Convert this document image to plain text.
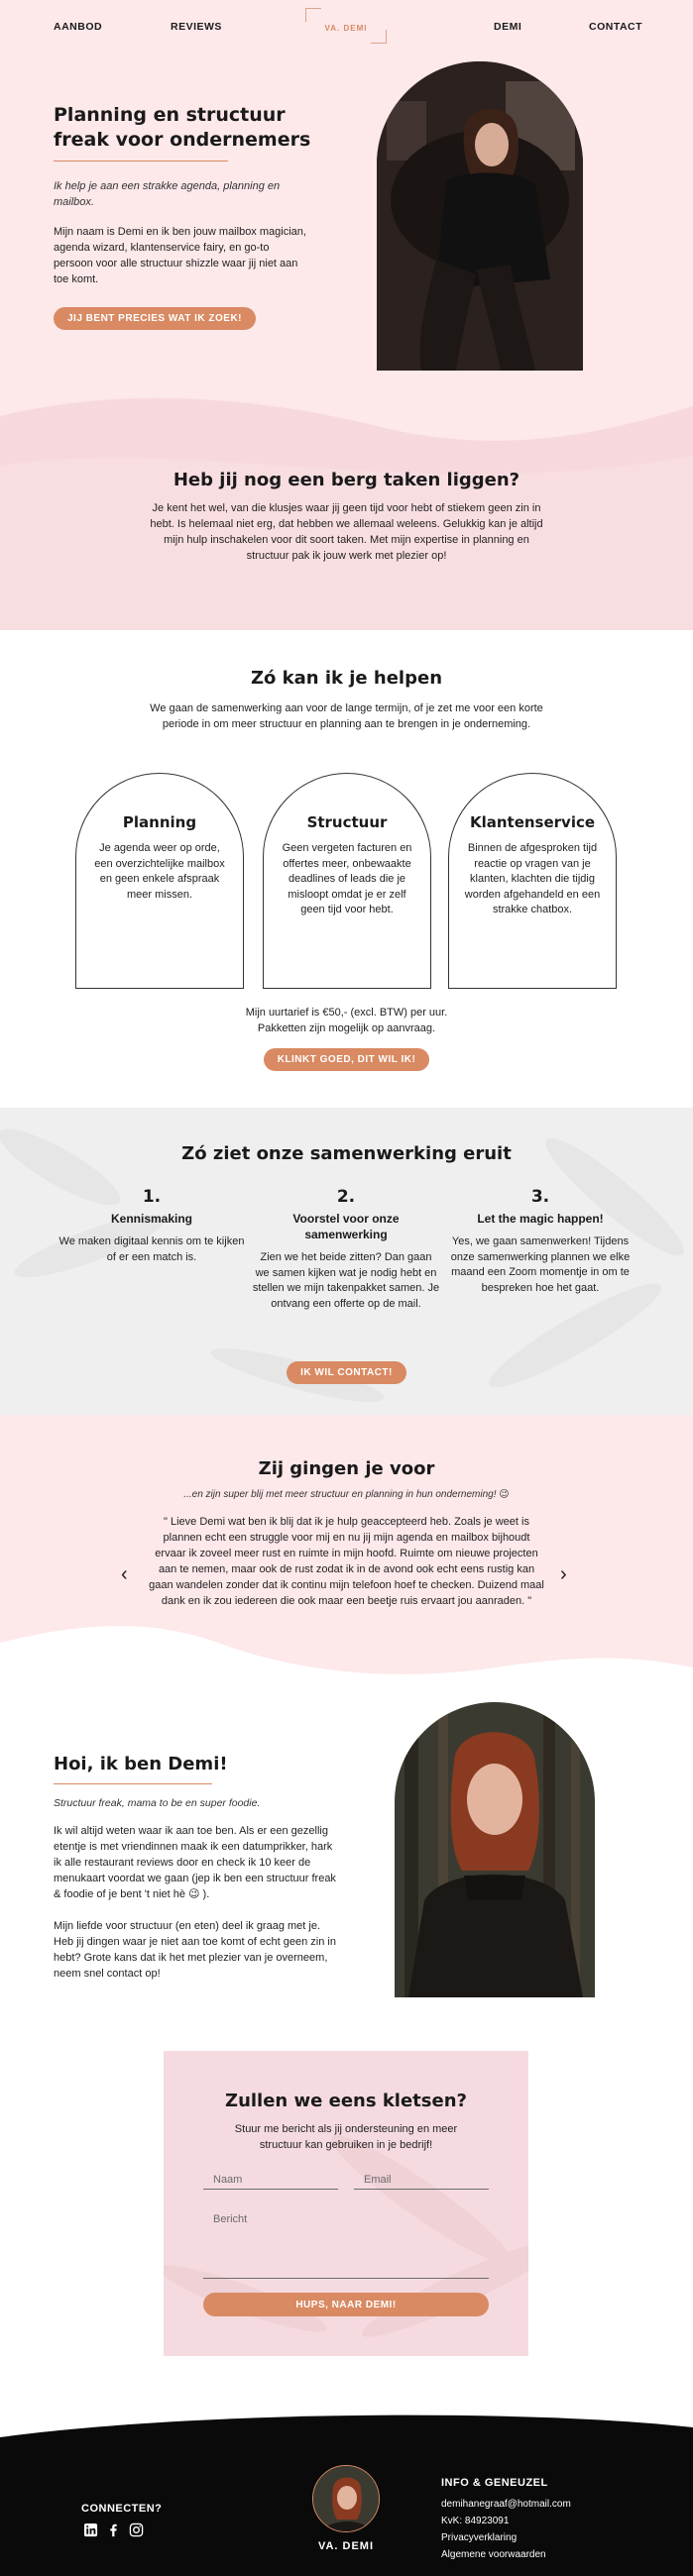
AANBOD	REVIEWS	VA. DEMI	DEMI	CONTACT
Planning en structuur freak voor ondernemers

Ik help je aan een strakke agenda, planning en mailbox.

Mijn naam is Demi en ik ben jouw mailbox magician, agenda wizard, klantenservice fairy, en go-to persoon voor alle structuur shizzle waar jij niet aan toe komt.

JIJ BENT PRECIES WAT IK ZOEK!
Heb jij nog een berg taken liggen?

Je kent het wel, van die klusjes waar jij geen tijd voor hebt of stiekem geen zin in hebt. Is helemaal niet erg, dat hebben we allemaal weleens. Gelukkig kan je altijd mijn hulp inschakelen voor dit soort taken. Met mijn expertise in planning en structuur pak ik jouw werk met plezier op!

Zó kan ik je helpen

We gaan de samenwerking aan voor de lange termijn, of je zet me voor een korte periode in om meer structuur en planning aan te brengen in je onderneming.

Planning

Je agenda weer op orde, een overzichtelijke mailbox en geen enkele afspraak meer missen.

Structuur

Geen vergeten facturen en offertes meer, onbewaakte deadlines of leads die je misloopt omdat je er zelf geen tijd voor hebt.

Klantenservice

Binnen de afgesproken tijd reactie op vragen van je klanten, klachten die tijdig worden afgehandeld en een strakke chatbox.

Mijn uurtarief is €50,- (excl. BTW) per uur.

Pakketten zijn mogelijk op aanvraag.

KLINKT GOED, DIT WIL IK!
Zó ziet onze samenwerking eruit
1.
Kennismaking
We maken digitaal kennis om te kijken of er een match is.
2.
Voorstel voor onze samenwerking
Zien we het beide zitten? Dan gaan we samen kijken wat je nodig hebt en stellen we mijn takenpakket samen. Je ontvang een offerte op de mail.
3.
Let the magic happen!
Yes, we gaan samenwerken! Tijdens onze samenwerking plannen we elke maand een Zoom momentje in om te bespreken hoe het gaat.
IK WIL CONTACT!
Zij gingen je voor

...en zijn super blij met meer structuur en planning in hun onderneming! 😉

" Lieve Demi wat ben ik blij dat ik je hulp geaccepteerd heb. Zoals je weet is plannen echt een struggle voor mij en nu jij mijn agenda en mailbox bijhoudt ervaar ik zoveel meer rust en ruimte in mijn hoofd. Ruimte om nieuwe projecten aan te nemen, maar ook de rust zodat ik in de avond ook echt eens rustig kan gaan wandelen zonder dat ik continu mijn telefoon hoef te checken. Duizend maal dank en ik zou iedereen die ook maar een beetje ruis ervaart jou aanraden. "

‹	›
Hoi, ik ben Demi!

Structuur freak, mama to be en super foodie.

Ik wil altijd weten waar ik aan toe ben. Als er een gezellig etentje is met vriendinnen maak ik een datumprikker, hark ik alle restaurant reviews door en check ik 10 keer de menukaart voordat we gaan (jep ik ben een structuur freak & foodie of je bent 't niet hè 😉 ).

Mijn liefde voor structuur (en eten) deel ik graag met je. Heb jij dingen waar je niet aan toe komt of echt geen zin in hebt? Grote kans dat ik het met plezier van je overneem, neem snel contact op!

Zullen we eens kletsen?

Stuur me bericht als jij ondersteuning en meer structuur kan gebruiken in je bedrijf!

Naam
Email
Bericht
HUPS, NAAR DEMI!
CONNECTEN?
VA. DEMI
INFO & GENEUZEL
demihanegraaf@hotmail.com
KvK: 84923091
Privacyverklaring
Algemene voorwaarden
